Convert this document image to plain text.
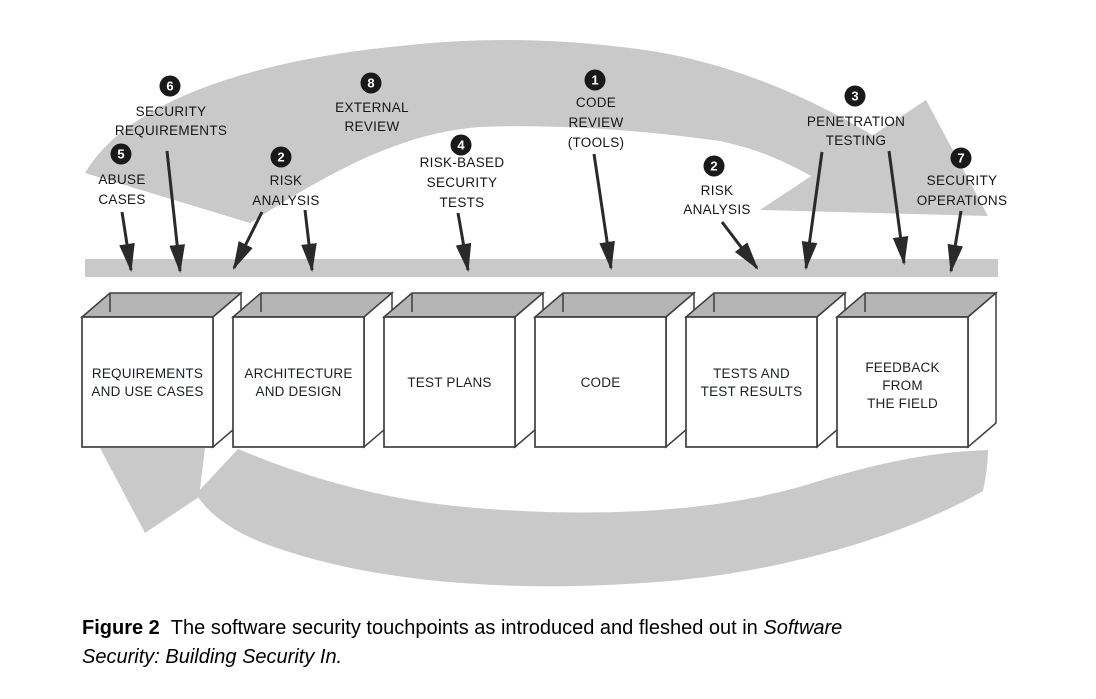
REQUIREMENTS
AND USE CASES
ARCHITECTURE
AND DESIGN
TEST PLANS	CODE
TESTS AND
TEST RESULTS
FEEDBACK
FROM
THE FIELD
5
6
2
8
4
1
2
3
7
ABUSE
CASES
SECURITY
REQUIREMENTS
RISK
ANALYSIS
EXTERNAL
REVIEW
RISK-BASED
SECURITY
TESTS
CODE
REVIEW
(TOOLS)
RISK
ANALYSIS
PENETRATION
TESTING
SECURITY
OPERATIONS
Figure 2 The software security touchpoints as introduced and fleshed out in Software
Security: Building Security In.
